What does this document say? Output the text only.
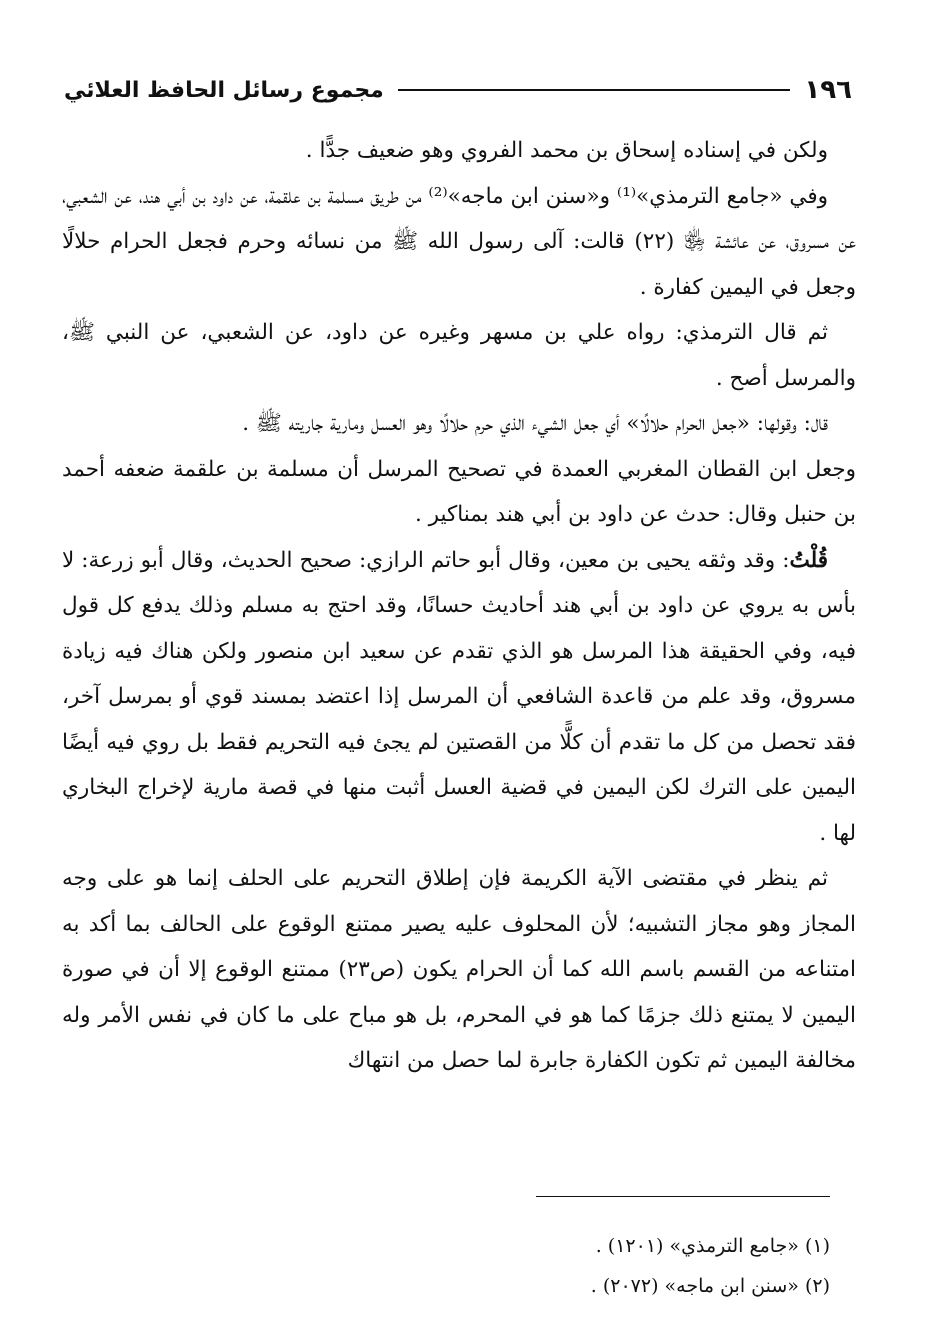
١٩٦
مجموع رسائل الحافظ العلائي

ولكن في إسناده إسحاق بن محمد الفروي وهو ضعيف جدًّا .

وفي «جامع الترمذي»⁽¹⁾ و«سنن ابن ماجه»⁽²⁾ من طريق مسلمة بن علقمة، عن داود بن أبي هند، عن الشعبي، عن مسروق، عن عائشة ﵂ (٢٢) قالت: آلى رسول الله ﷺ من نسائه وحرم فجعل الحرام حلالًا وجعل في اليمين كفارة .

ثم قال الترمذي: رواه علي بن مسهر وغيره عن داود، عن الشعبي، عن النبي ﷺ، والمرسل أصح .

قال: وقولها: «جعل الحرام حلالًا» أي جعل الشيء الذي حرم حلالًا وهو العسل ومارية جاريته ﷺ .

وجعل ابن القطان المغربي العمدة في تصحيح المرسل أن مسلمة بن علقمة ضعفه أحمد بن حنبل وقال: حدث عن داود بن أبي هند بمناكير .

قُلْتُ: وقد وثقه يحيى بن معين، وقال أبو حاتم الرازي: صحيح الحديث، وقال أبو زرعة: لا بأس به يروي عن داود بن أبي هند أحاديث حسانًا، وقد احتج به مسلم وذلك يدفع كل قول فيه، وفي الحقيقة هذا المرسل هو الذي تقدم عن سعيد ابن منصور ولكن هناك فيه زيادة مسروق، وقد علم من قاعدة الشافعي أن المرسل إذا اعتضد بمسند قوي أو بمرسل آخر، فقد تحصل من كل ما تقدم أن كلًّا من القصتين لم يجئ فيه التحريم فقط بل روي فيه أيضًا اليمين على الترك لكن اليمين في قضية العسل أثبت منها في قصة مارية لإخراج البخاري لها .

ثم ينظر في مقتضى الآية الكريمة فإن إطلاق التحريم على الحلف إنما هو على وجه المجاز وهو مجاز التشبيه؛ لأن المحلوف عليه يصير ممتنع الوقوع على الحالف بما أكد به امتناعه من القسم باسم الله كما أن الحرام يكون (ص٢٣) ممتنع الوقوع إلا أن في صورة اليمين لا يمتنع ذلك جزمًا كما هو في المحرم، بل هو مباح على ما كان في نفس الأمر وله مخالفة اليمين ثم تكون الكفارة جابرة لما حصل من انتهاك

(١) «جامع الترمذي» (١٢٠١) .

(٢) «سنن ابن ماجه» (٢٠٧٢) .
